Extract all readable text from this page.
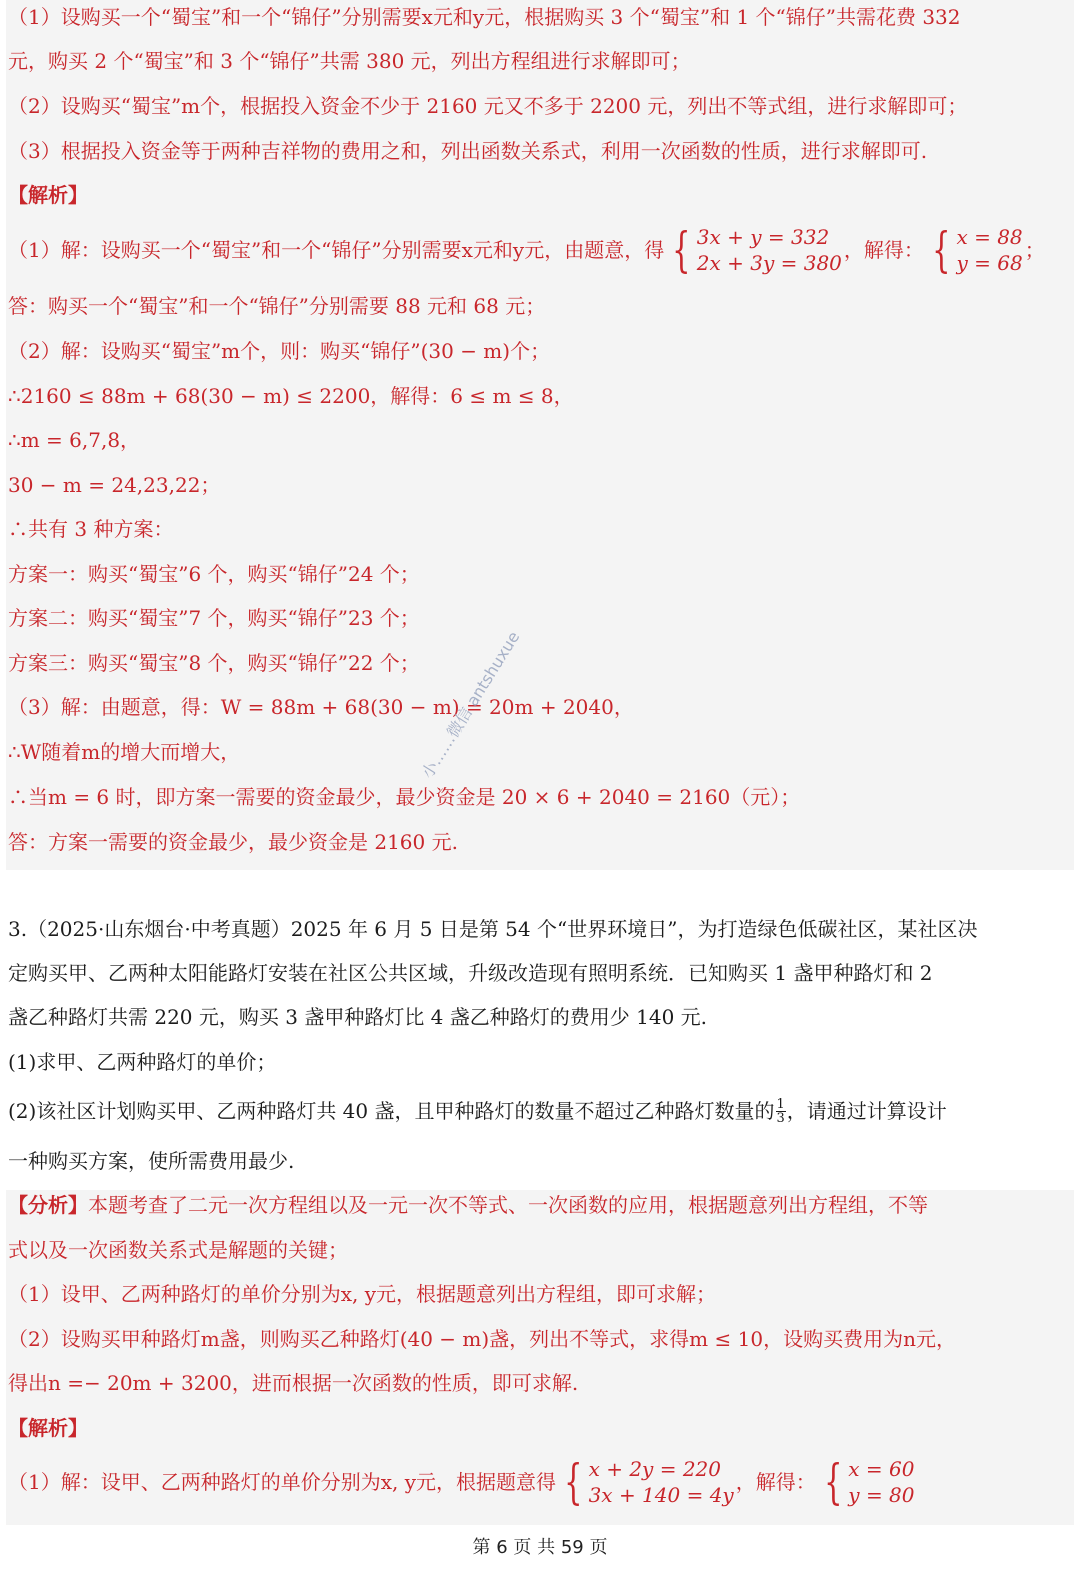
（1）设购买一个“蜀宝”和一个“锦仔”分别需要x元和y元，根据购买 3 个“蜀宝”和 1 个“锦仔”共需花费 332
元，购买 2 个“蜀宝”和 3 个“锦仔”共需 380 元，列出方程组进行求解即可；
（2）设购买“蜀宝”m个，根据投入资金不少于 2160 元又不多于 2200 元，列出不等式组，进行求解即可；
（3）根据投入资金等于两种吉祥物的费用之和，列出函数关系式，利用一次函数的性质，进行求解即可.
【解析】
（1）解：设购买一个“蜀宝”和一个“锦仔”分别需要x元和y元，由题意，得 { 3x + y = 332
2x + 3y = 380
，解得： { x = 88
y = 68
；
答：购买一个“蜀宝”和一个“锦仔”分别需要 88 元和 68 元；
（2）解：设购买“蜀宝”m个，则：购买“锦仔”(30 − m)个；
∴2160 ≤ 88m + 68(30 − m) ≤ 2200，解得：6 ≤ m ≤ 8，
∴m = 6,7,8，
30 − m = 24,23,22；
∴共有 3 种方案：
方案一：购买“蜀宝”6 个，购买“锦仔”24 个；
方案二：购买“蜀宝”7 个，购买“锦仔”23 个；
方案三：购买“蜀宝”8 个，购买“锦仔”22 个；
（3）解：由题意，得：W = 88m + 68(30 − m) = 20m + 2040，
∴W随着m的增大而增大，
∴当m = 6 时，即方案一需要的资金最少，最少资金是 20 × 6 + 2040 = 2160（元）；
答：方案一需要的资金最少，最少资金是 2160 元.
小……微信 antshuxue
3.（2025·山东烟台·中考真题）2025 年 6 月 5 日是第 54 个“世界环境日”，为打造绿色低碳社区，某社区决
定购买甲、乙两种太阳能路灯安装在社区公共区域，升级改造现有照明系统．已知购买 1 盏甲种路灯和 2
盏乙种路灯共需 220 元，购买 3 盏甲种路灯比 4 盏乙种路灯的费用少 140 元.
(1)求甲、乙两种路灯的单价；
(2)该社区计划购买甲、乙两种路灯共 40 盏，且甲种路灯的数量不超过乙种路灯数量的 $\frac{1}{3}$ ，请通过计算设计
一种购买方案，使所需费用最少.
【分析】本题考查了二元一次方程组以及一元一次不等式、一次函数的应用，根据题意列出方程组，不等
式以及一次函数关系式是解题的关键；
（1）设甲、乙两种路灯的单价分别为x, y元，根据题意列出方程组，即可求解；
（2）设购买甲种路灯m盏，则购买乙种路灯(40 − m)盏，列出不等式，求得m ≤ 10，设购买费用为n元，
得出n =− 20m + 3200，进而根据一次函数的性质，即可求解.
【解析】
（1）解：设甲、乙两种路灯的单价分别为x, y元，根据题意得 { x + 2y = 220
3x + 140 = 4y
，解得： { x = 60
y = 80
第 6 页 共 59 页
